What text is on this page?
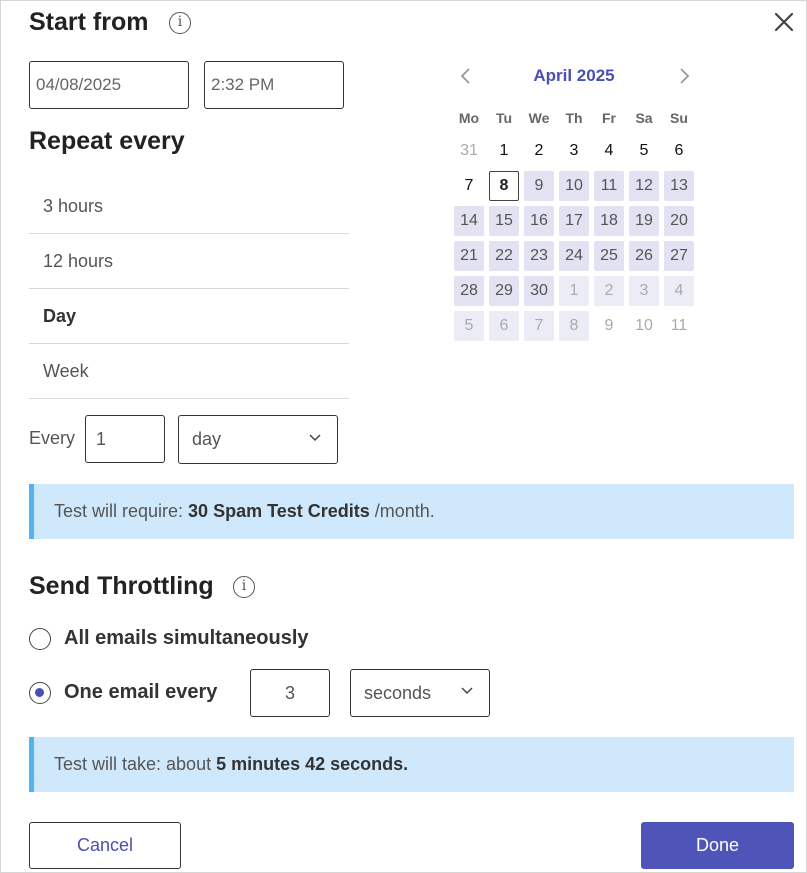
Start from	i
04/08/2025	2:32 PM
Repeat every
3 hours
12 hours
Day
Week
Every	1	day
April 2025
Mo	Tu	We	Th	Fr	Sa	Su
31	1	2	3	4	5	6
7	8	9	10	11	12	13
14	15	16	17	18	19	20
21	22	23	24	25	26	27
28	29	30	1	2	3	4
5	6	7	8	9	10	11
Test will require: 30 Spam Test Credits /month.
Send Throttling	i
All emails simultaneously
One email every	3	seconds
Test will take: about 5 minutes 42 seconds.
Cancel	Done
